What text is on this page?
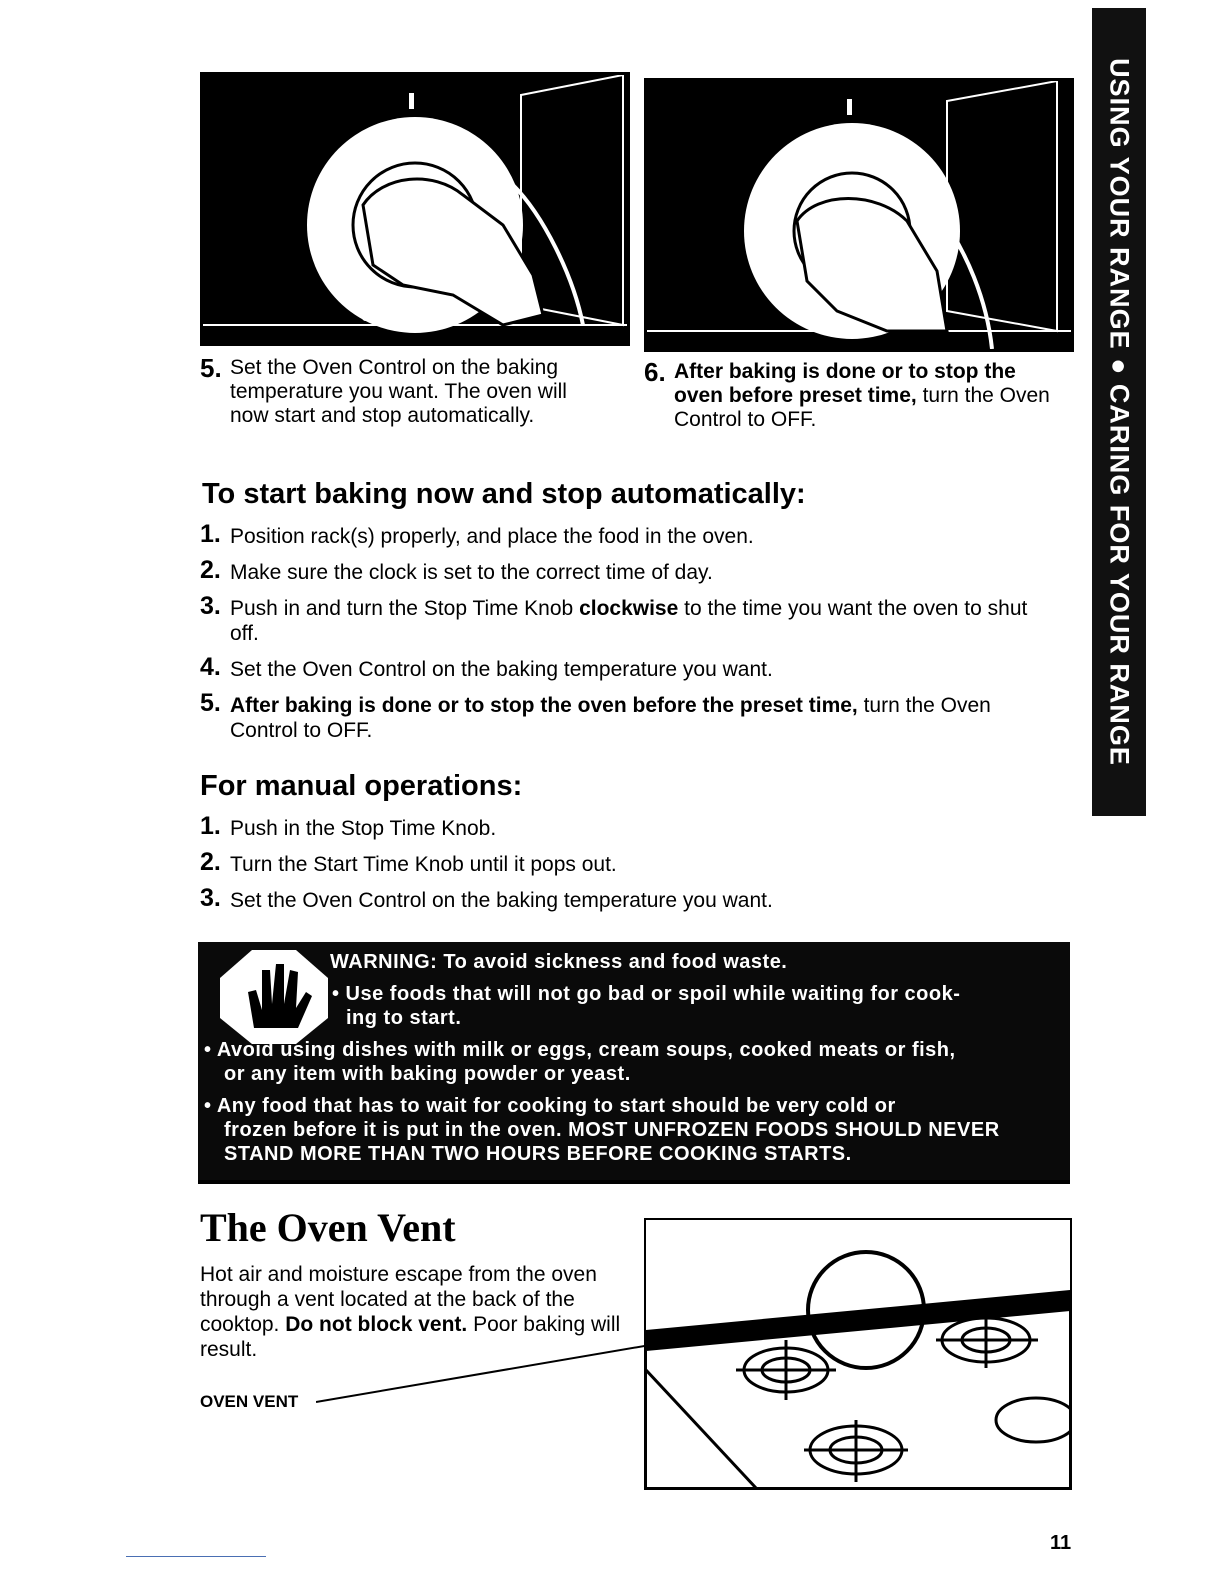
USING YOUR RANGE ● CARING FOR YOUR RANGE
ove
5. Set the Oven Control on the baking temperature you want. The oven will now start and stop automatically.
6. After baking is done or to stop the oven before preset time, turn the Oven Control to OFF.
To start baking now and stop automatically:
1. Position rack(s) properly, and place the food in the oven.
2. Make sure the clock is set to the correct time of day.
3. Push in and turn the Stop Time Knob clockwise to the time you want the oven to shut off.
4. Set the Oven Control on the baking temperature you want.
5. After baking is done or to stop the oven before the preset time, turn the Oven Control to OFF.
For manual operations:
1. Push in the Stop Time Knob.
2. Turn the Start Time Knob until it pops out.
3. Set the Oven Control on the baking temperature you want.
WARNING: To avoid sickness and food waste.
• Use foods that will not go bad or spoil while waiting for cook-
ing to start.
• Avoid using dishes with milk or eggs, cream soups, cooked meats or fish,
or any item with baking powder or yeast.
• Any food that has to wait for cooking to start should be very cold or
frozen before it is put in the oven. MOST UNFROZEN FOODS SHOULD NEVER
STAND MORE THAN TWO HOURS BEFORE COOKING STARTS.
The Oven Vent
Hot air and moisture escape from the oven through a vent located at the back of the cooktop. Do not block vent. Poor baking will result.
OVEN VENT
11
